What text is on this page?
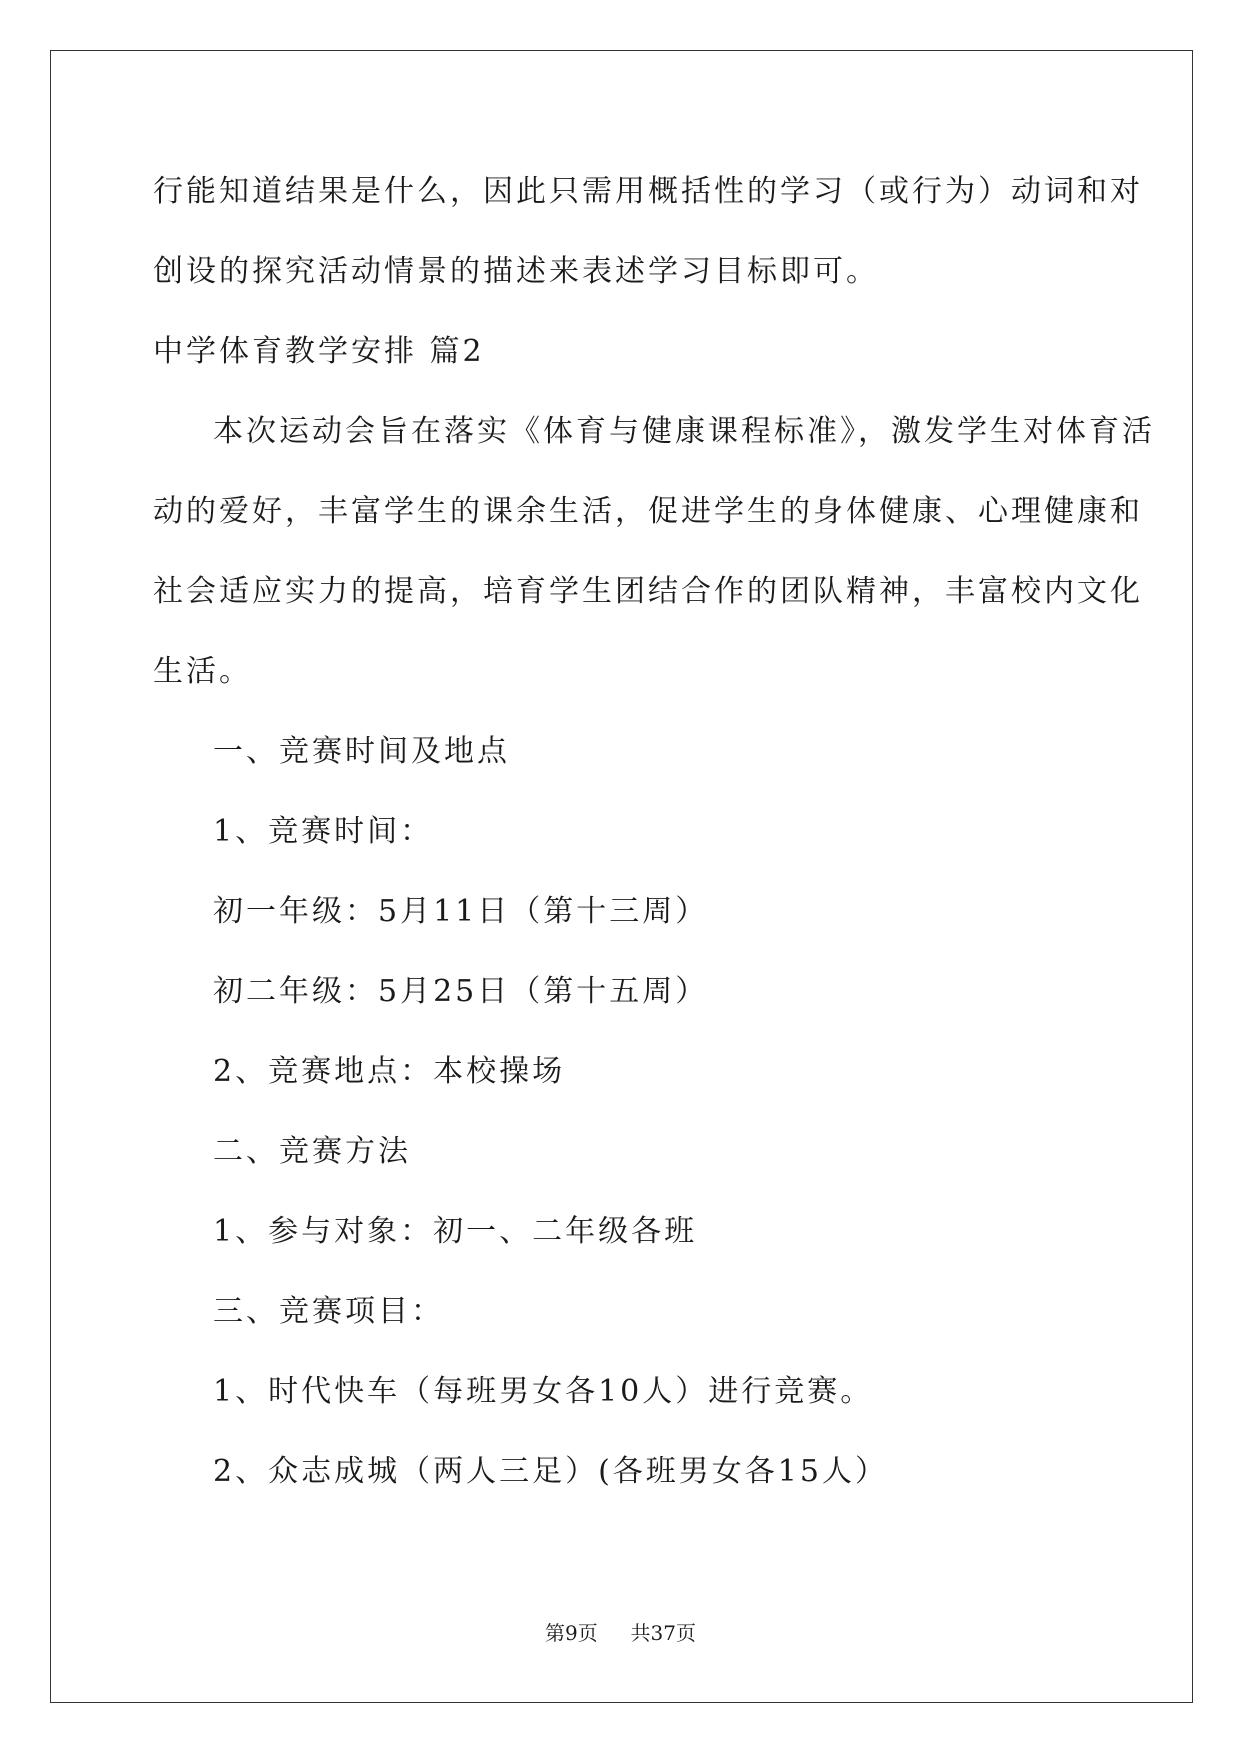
行能知道结果是什么，因此只需用概括性的学习（或行为）动词和对
创设的探究活动情景的描述来表述学习目标即可。
中学体育教学安排 篇2
本次运动会旨在落实《体育与健康课程标准》，激发学生对体育活
动的爱好，丰富学生的课余生活，促进学生的身体健康、心理健康和
社会适应实力的提高，培育学生团结合作的团队精神，丰富校内文化
生活。
一、竞赛时间及地点
1、竞赛时间：
初一年级：5月11日（第十三周）
初二年级：5月25日（第十五周）
2、竞赛地点：本校操场
二、竞赛方法
1、参与对象：初一、二年级各班
三、竞赛项目：
1、时代快车（每班男女各10人）进行竞赛。
2、众志成城（两人三足）(各班男女各15人）
第9页 共37页
